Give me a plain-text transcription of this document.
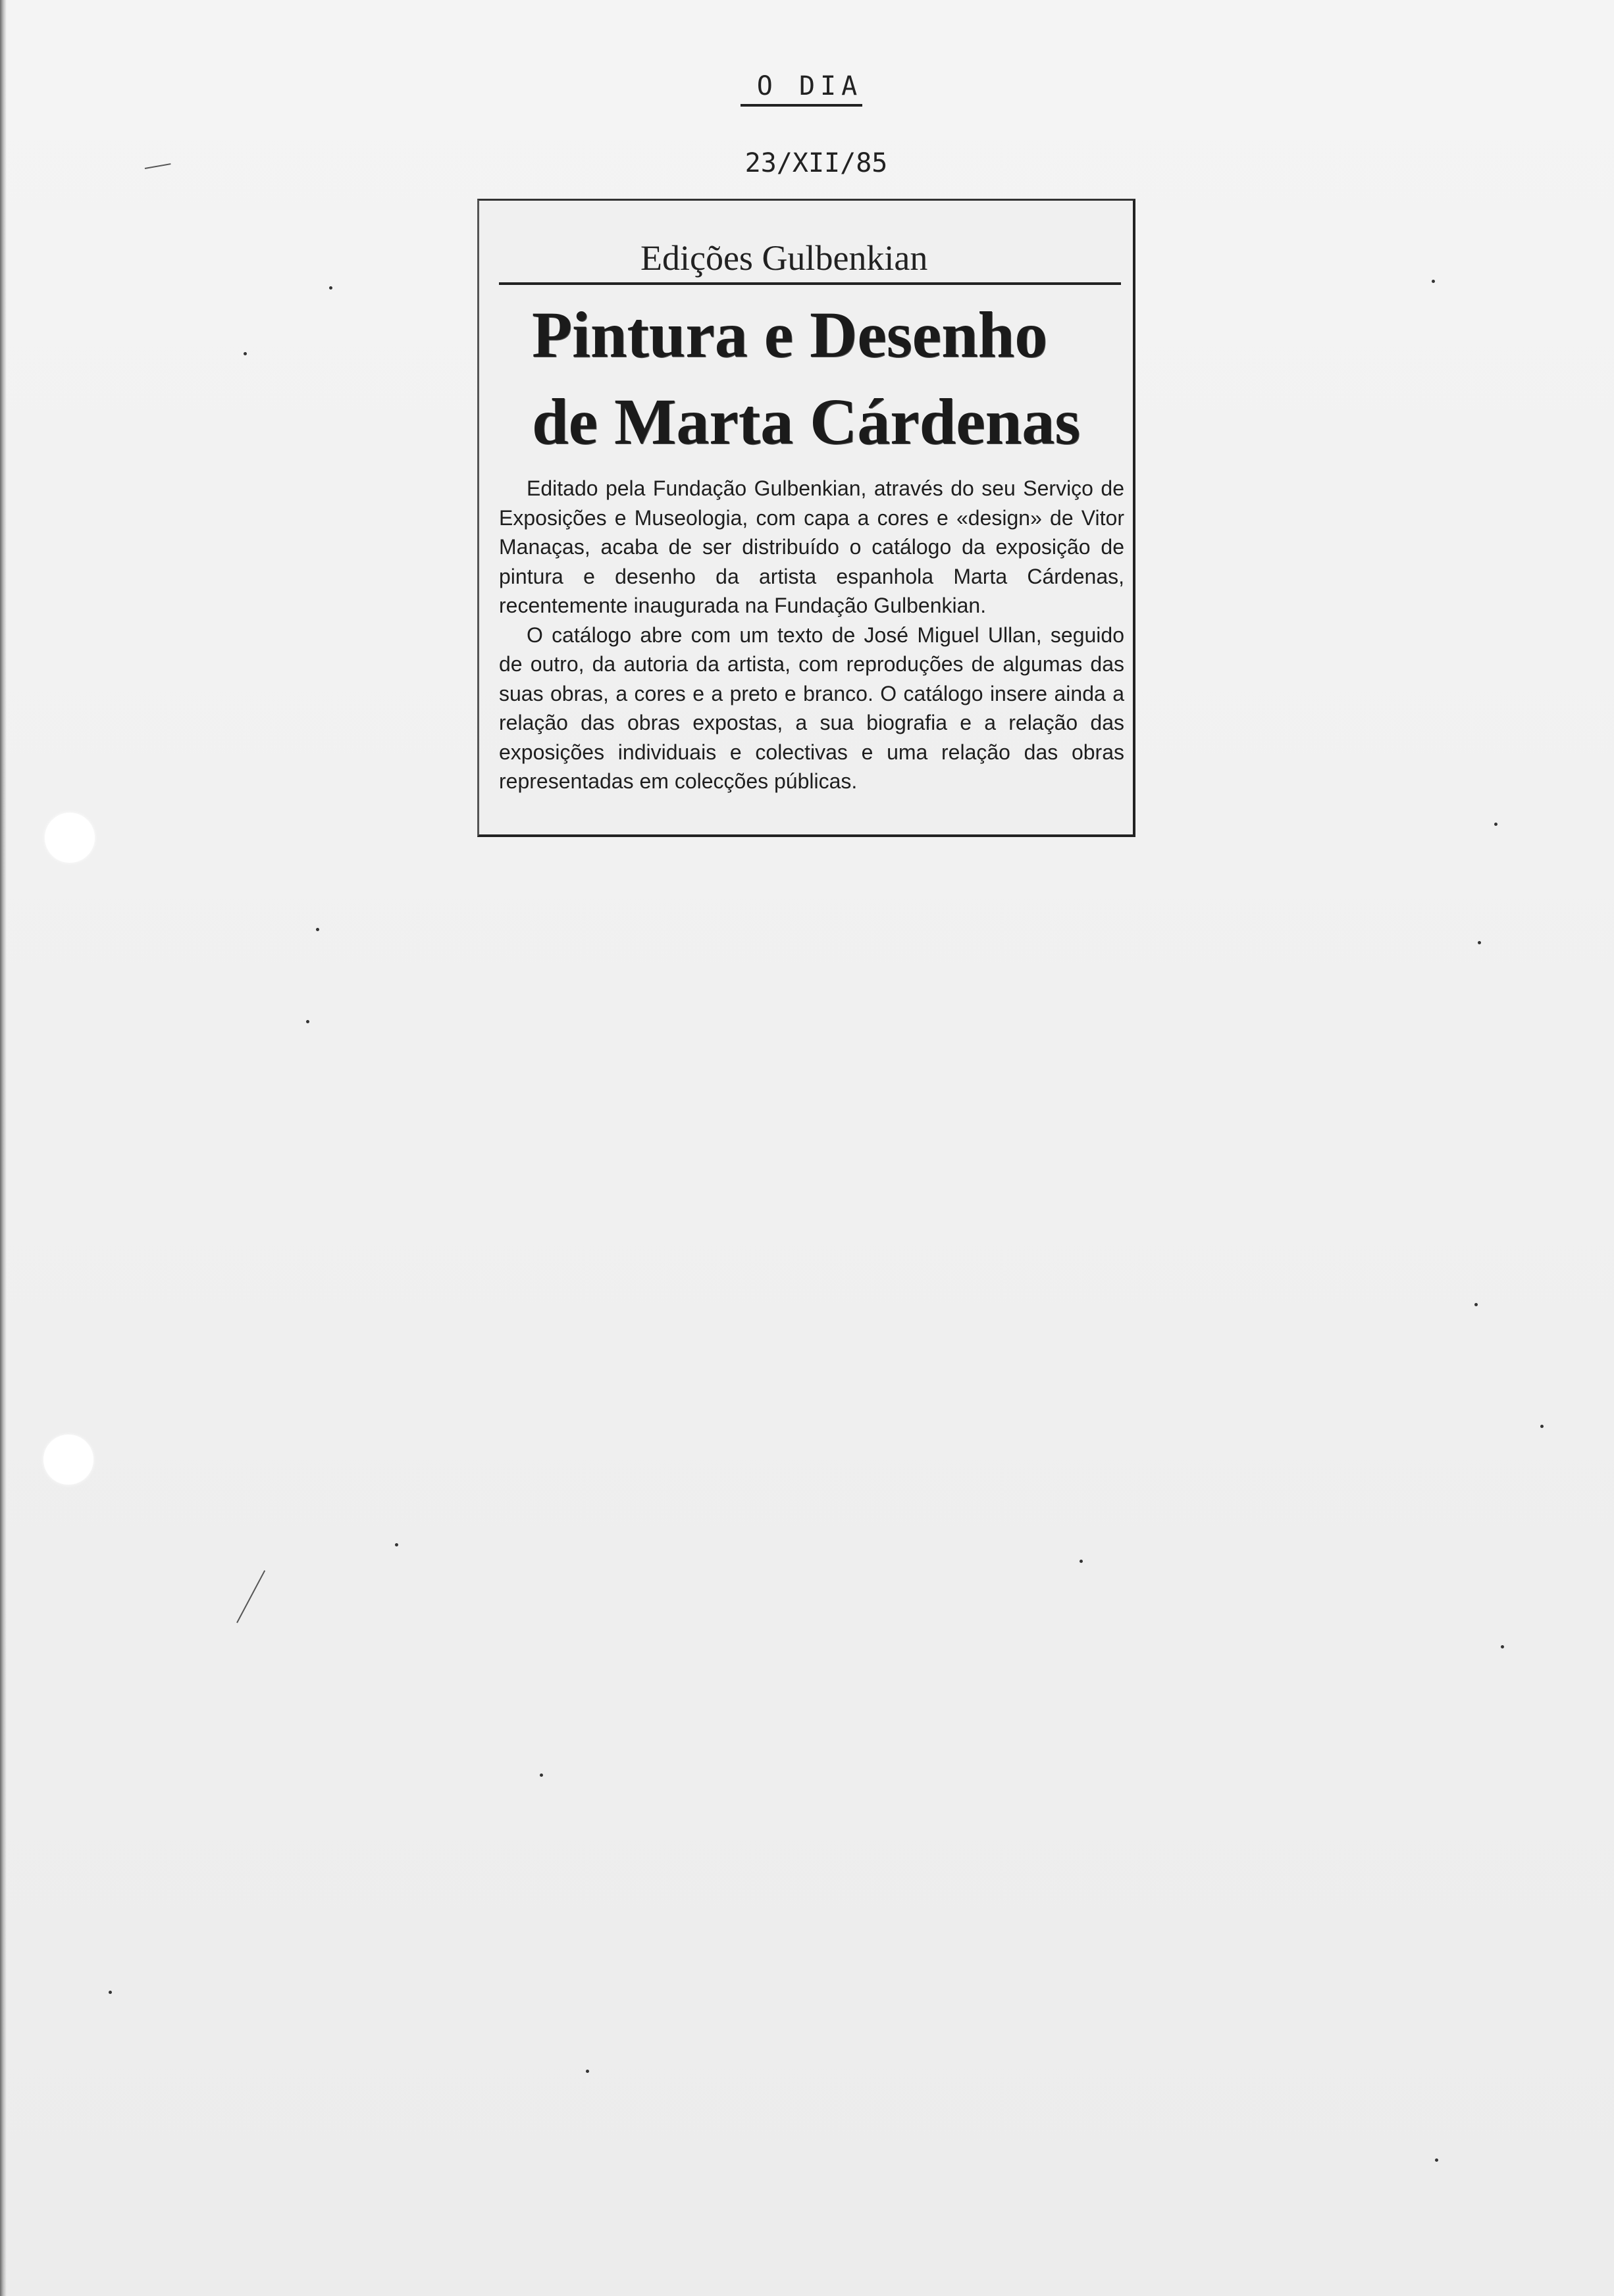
O DIA
23/XII/85
Edições Gulbenkian
Pintura e Desenho
de Marta Cárdenas

Editado pela Fundação Gulbenkian, através do seu Serviço de Exposições e Museologia, com capa a cores e «design» de Vitor Manaças, acaba de ser distribuído o catálogo da exposição de pintura e desenho da artista espanhola Marta Cárdenas, recentemente inaugurada na Fundação Gulbenkian.

O catálogo abre com um texto de José Miguel Ullan, seguido de outro, da autoria da artista, com reproduções de algumas das suas obras, a cores e a preto e branco. O catálogo insere ainda a relação das obras expostas, a sua biografia e a relação das exposições individuais e colectivas e uma relação das obras representadas em colecções públicas.
